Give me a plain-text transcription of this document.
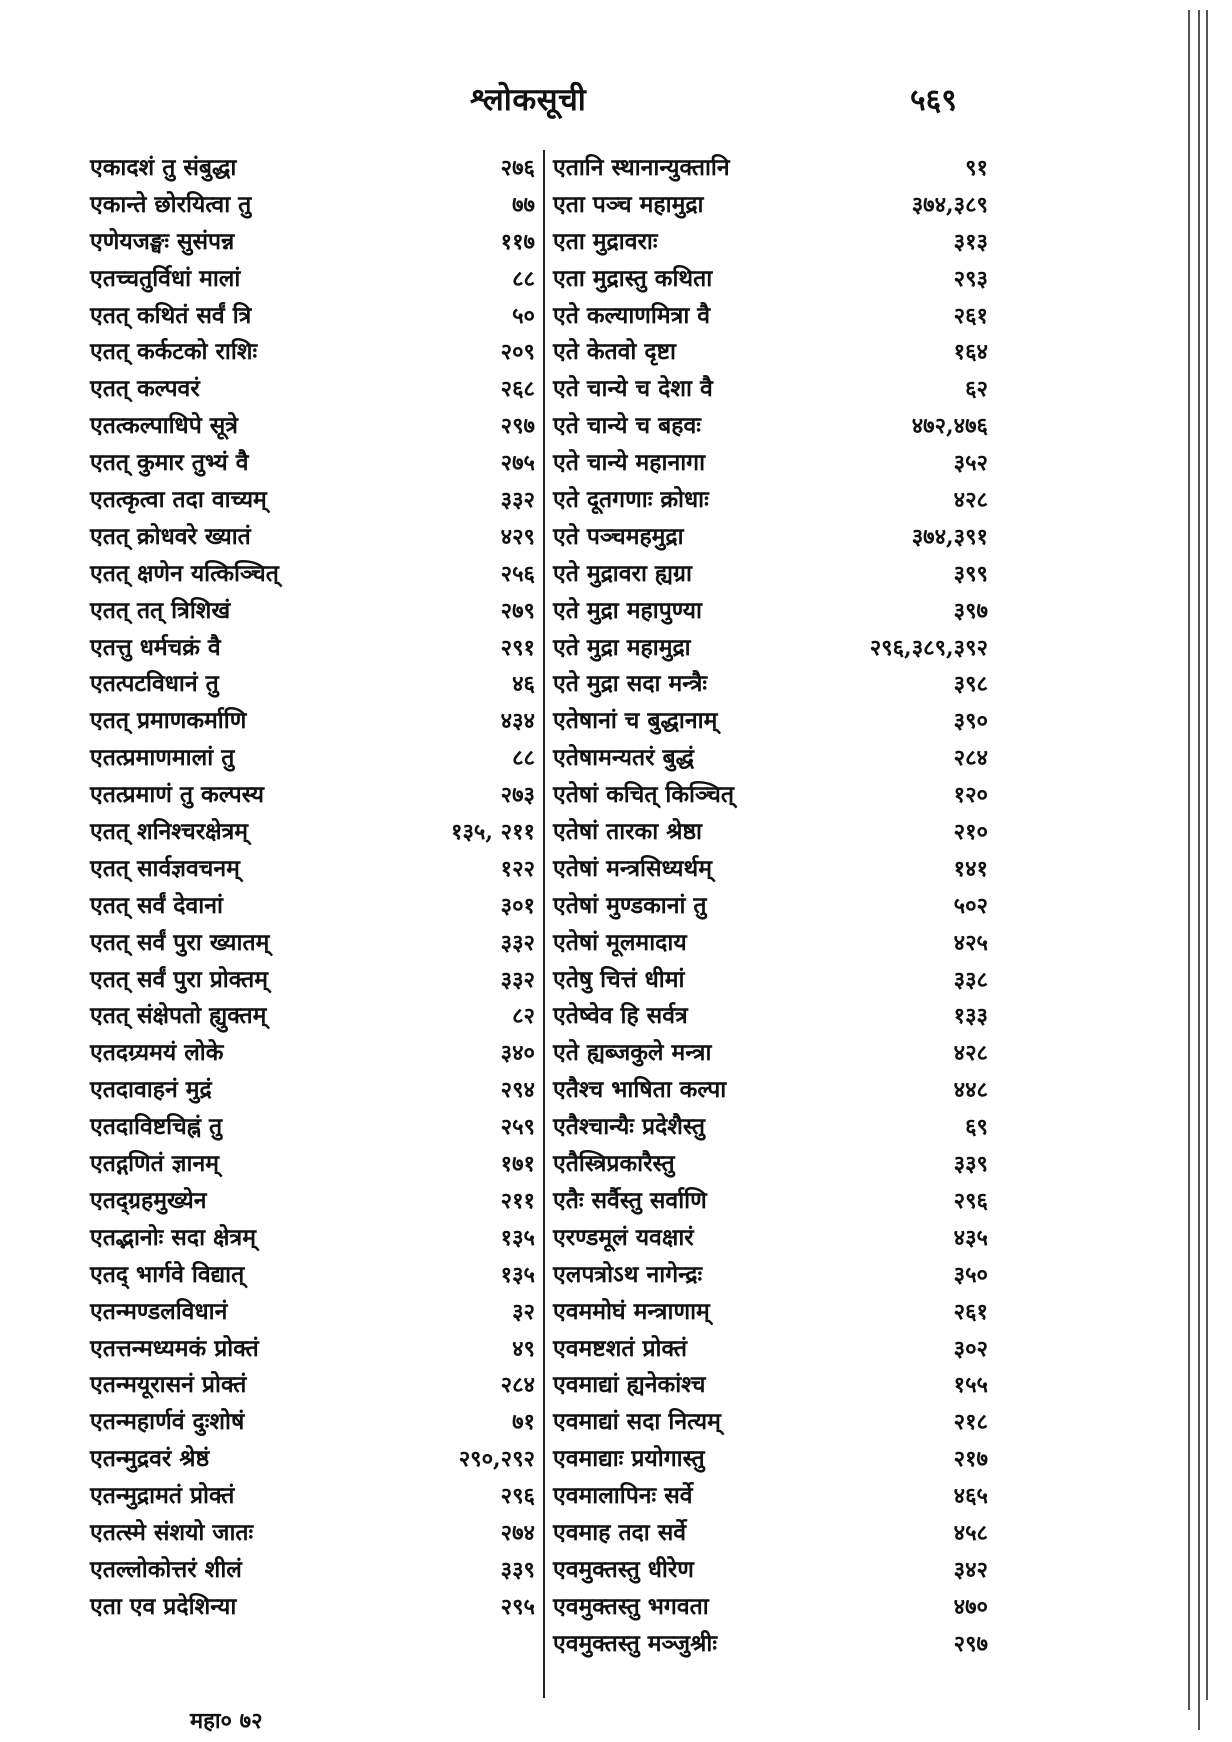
श्लोकसूची	५६९
एकादशं तु संबुद्धा	२७६
एकान्ते छोरयित्वा तु	७७
एणेयजङ्घः सुसंपन्न	११७
एतच्चतुर्विधां मालां	८८
एतत् कथितं सर्वं त्रि	५०
एतत् कर्कटको राशिः	२०९
एतत् कल्पवरं	२६८
एतत्कल्पाधिपे सूत्रे	२९७
एतत् कुमार तुभ्यं वै	२७५
एतत्कृत्वा तदा वाच्यम्	३३२
एतत् क्रोधवरे ख्यातं	४२९
एतत् क्षणेन यत्किञ्चित्	२५६
एतत् तत् त्रिशिखं	२७९
एतत्तु धर्मचक्रं वै	२९१
एतत्पटविधानं तु	४६
एतत् प्रमाणकर्माणि	४३४
एतत्प्रमाणमालां तु	८८
एतत्प्रमाणं तु कल्पस्य	२७३
एतत् शनिश्चरक्षेत्रम्	१३५, २११
एतत् सार्वज्ञवचनम्	१२२
एतत् सर्वं देवानां	३०१
एतत् सर्वं पुरा ख्यातम्	३३२
एतत् सर्वं पुरा प्रोक्तम्	३३२
एतत् संक्षेपतो ह्युक्तम्	८२
एतदग्र्यमयं लोके	३४०
एतदावाहनं मुद्रं	२९४
एतदाविष्टचिह्नं तु	२५९
एतद्गणितं ज्ञानम्	१७१
एतद्ग्रहमुख्येन	२११
एतद्भानोः सदा क्षेत्रम्	१३५
एतद् भार्गवे विद्यात्	१३५
एतन्मण्डलविधानं	३२
एतत्तन्मध्यमकं प्रोक्तं	४९
एतन्मयूरासनं प्रोक्तं	२८४
एतन्महार्णवं दुःशोषं	७१
एतन्मुद्रवरं श्रेष्ठं	२९०,२९२
एतन्मुद्रामतं प्रोक्तं	२९६
एतत्स्मे संशयो जातः	२७४
एतल्लोकोत्तरं शीलं	३३९
एता एव प्रदेशिन्या	२९५
एतानि स्थानान्युक्तानि	९१
एता पञ्च महामुद्रा	३७४,३८९
एता मुद्रावराः	३१३
एता मुद्रास्तु कथिता	२९३
एते कल्याणमित्रा वै	२६१
एते केतवो दृष्टा	१६४
एते चान्ये च देशा वै	६२
एते चान्ये च बहवः	४७२,४७६
एते चान्ये महानागा	३५२
एते दूतगणाः क्रोधाः	४२८
एते पञ्चमहमुद्रा	३७४,३९१
एते मुद्रावरा ह्यग्रा	३९९
एते मुद्रा महापुण्या	३९७
एते मुद्रा महामुद्रा	२९६,३८९,३९२
एते मुद्रा सदा मन्त्रैः	३९८
एतेषानां च बुद्धानाम्	३९०
एतेषामन्यतरं बुद्धं	२८४
एतेषां कचित् किञ्चित्	१२०
एतेषां तारका श्रेष्ठा	२१०
एतेषां मन्त्रसिध्यर्थम्	१४१
एतेषां मुण्डकानां तु	५०२
एतेषां मूलमादाय	४२५
एतेषु चित्तं धीमां	३३८
एतेष्वेव हि सर्वत्र	१३३
एते ह्यब्जकुले मन्त्रा	४२८
एतैश्च भाषिता कल्पा	४४८
एतैश्चान्यैः प्रदेशैस्तु	६९
एतैस्त्रिप्रकारैस्तु	३३९
एतैः सर्वैस्तु सर्वाणि	२९६
एरण्डमूलं यवक्षारं	४३५
एलपत्रोऽथ नागेन्द्रः	३५०
एवममोघं मन्त्राणाम्	२६१
एवमष्टशतं प्रोक्तं	३०२
एवमाद्यां ह्यनेकांश्च	१५५
एवमाद्यां सदा नित्यम्	२१८
एवमाद्याः प्रयोगास्तु	२१७
एवमालापिनः सर्वे	४६५
एवमाह तदा सर्वे	४५८
एवमुक्तस्तु धीरेण	३४२
एवमुक्तस्तु भगवता	४७०
एवमुक्तस्तु मञ्जुश्रीः	२९७
महा० ७२
